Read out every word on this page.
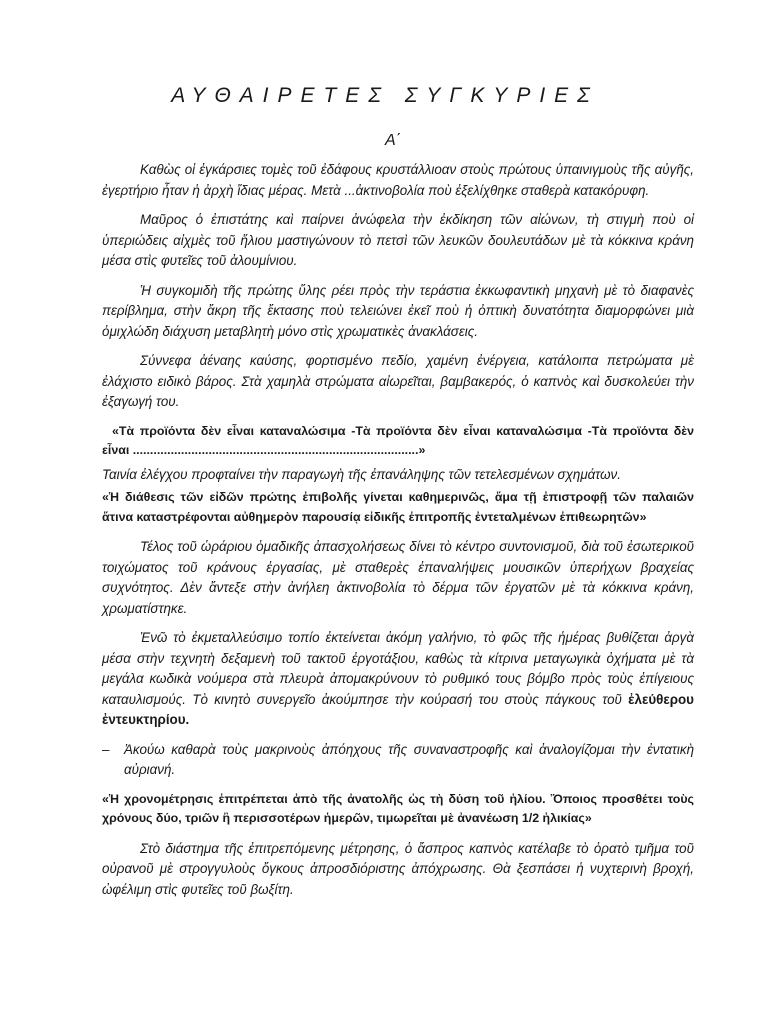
ΑΥΘΑΙΡΕΤΕΣ ΣΥΓΚΥΡΙΕΣ
Α΄

Καθὼς οἱ ἐγκάρσιες τομὲς τοῦ ἐδάφους κρυστάλλιοαν στοὺς πρώτους ὑπαινιγμοὺς τῆς αὐγῆς, ἐγερτήριο ἦταν ἡ ἀρχὴ ἴδιας μέρας. Μετὰ ...ἀκτινοβολία ποὺ ἐξελίχθηκε σταθερὰ κατακόρυφη.

Μαῦρος ὁ ἐπιστάτης καὶ παίρνει ἀνώφελα τὴν ἐκδίκηση τῶν αἰώνων, τὴ στιγμὴ ποὺ οἱ ὑπεριώδεις αἰχμὲς τοῦ ἥλιου μαστιγώνουν τὸ πετσὶ τῶν λευκῶν δουλευτάδων μὲ τὰ κόκκινα κράνη μέσα στὶς φυτεῖες τοῦ ἀλουμίνιου.

Ἡ συγκομιδὴ τῆς πρώτης ὕλης ρέει πρὸς τὴν τεράστια ἐκκωφαντικὴ μηχανὴ μὲ τὸ διαφανὲς περίβλημα, στὴν ἄκρη τῆς ἔκτασης ποὺ τελειώνει ἐκεῖ ποὺ ἡ ὀπτικὴ δυνατότητα διαμορφώνει μιὰ ὀμιχλώδη διάχυση μεταβλητὴ μόνο στὶς χρωματικὲς ἀνακλάσεις.

Σύννεφα ἀέναης καύσης, φορτισμένο πεδίο, χαμένη ἐνέργεια, κατάλοιπα πετρώματα μὲ ἐλάχιστο ειδικὸ βάρος. Στὰ χαμηλὰ στρώματα αἰωρεῖται, βαμβακερός, ὁ καπνὸς καὶ δυσκολεύει τὴν ἐξαγωγή του.

«Τὰ προϊόντα δὲν εἶναι καταναλώσιμα -Τὰ προϊόντα δὲν εἶναι καταναλώσιμα -Τὰ προϊόντα δὲν εἶναι ...................................................................................»

Ταινία ἐλέγχου προφταίνει τὴν παραγωγὴ τῆς ἐπανάληψης τῶν τετελεσμένων σχημάτων.

«Ἡ διάθεσις τῶν εἰδῶν πρώτης ἐπιβολῆς γίνεται καθημερινῶς, ἅμα τῇ ἐπιστροφῇ τῶν παλαιῶν ἅτινα καταστρέφονται αὐθημερὸν παρουσίᾳ εἰδικῆς ἐπιτροπῆς ἐντεταλμένων ἐπιθεωρητῶν»

Τέλος τοῦ ὡράριου ὁμαδικῆς ἀπασχολήσεως δίνει τὸ κέντρο συντονισμοῦ, διὰ τοῦ ἐσωτερικοῦ τοιχώματος τοῦ κράνους ἐργασίας, μὲ σταθερὲς ἐπαναλήψεις μουσικῶν ὑπερήχων βραχείας συχνότητος. Δὲν ἄντεξε στὴν ἀνήλεη ἀκτινοβολία τὸ δέρμα τῶν ἐργατῶν μὲ τὰ κόκκινα κράνη, χρωματίστηκε.

Ἐνῶ τὸ ἐκμεταλλεύσιμο τοπίο ἐκτείνεται ἀκόμη γαλήνιο, τὸ φῶς τῆς ἡμέρας βυθίζεται ἀργὰ μέσα στὴν τεχνητὴ δεξαμενὴ τοῦ τακτοῦ ἐργοτάξιου, καθὼς τὰ κίτρινα μεταγωγικὰ ὀχήματα μὲ τὰ μεγάλα κωδικὰ νούμερα στὰ πλευρὰ ἀπομακρύνουν τὸ ρυθμικό τους βόμβο πρὸς τοὺς ἐπίγειους καταυλισμούς. Τὸ κινητὸ συνεργεῖο ἀκούμπησε τὴν κούρασή του στοὺς πάγκους τοῦ ἐλεύθερου ἐντευκτηρίου.

–	Ἀκούω καθαρὰ τοὺς μακρινοὺς ἀπόηχους τῆς συναναστροφῆς καὶ ἀναλογίζομαι τὴν ἐντατικὴ αὐριανή.

«Ἡ χρονομέτρησις ἐπιτρέπεται ἀπὸ τῆς ἀνατολῆς ὡς τὴ δύση τοῦ ἡλίου. Ὅποιος προσθέτει τοὺς χρόνους δύο, τριῶν ἢ περισσοτέρων ἡμερῶν, τιμωρεῖται μὲ ἀνανέωση 1/2 ἡλικίας»

Στὸ διάστημα τῆς ἐπιτρεπόμενης μέτρησης, ὁ ἄσπρος καπνὸς κατέλαβε τὸ ὁρατὸ τμῆμα τοῦ οὐρανοῦ μὲ στρογγυλοὺς ὄγκους ἀπροσδιόριστης ἀπόχρωσης. Θὰ ξεσπάσει ἡ νυχτερινὴ βροχή, ὠφέλιμη στὶς φυτεῖες τοῦ βωξίτη.
